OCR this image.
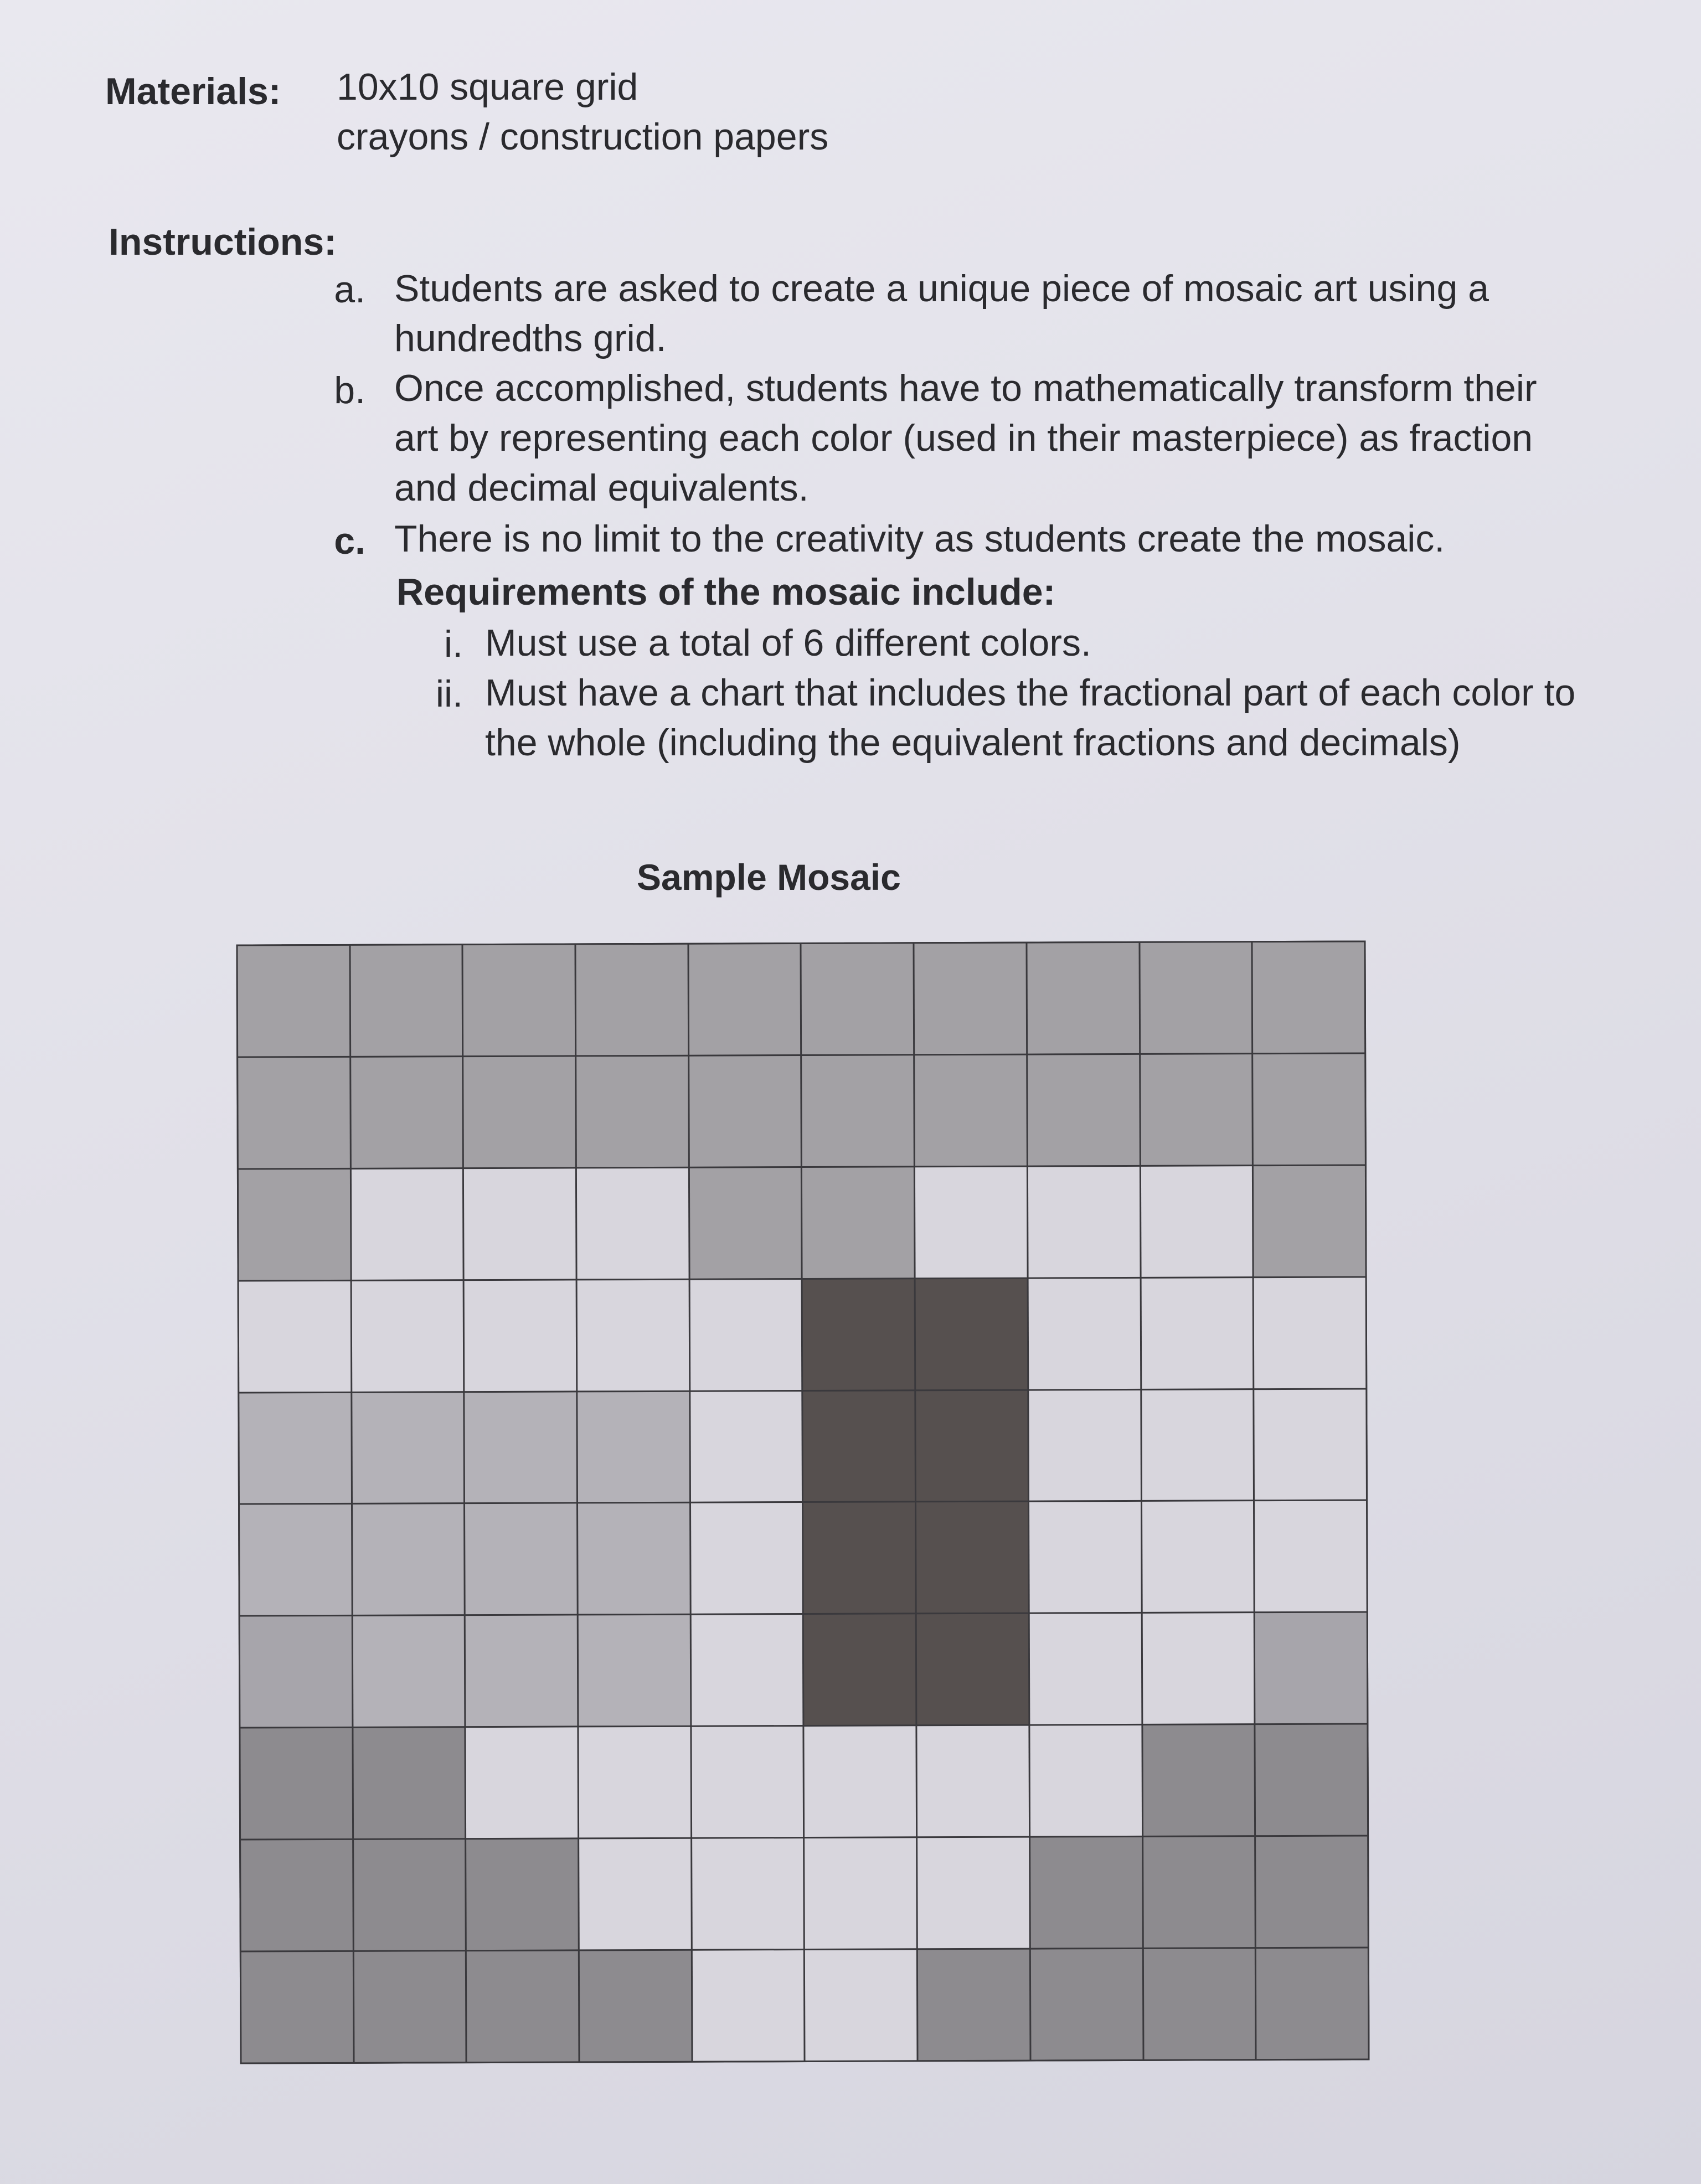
Materials: 10x10 square grid
crayons / construction papers
Instructions:
a. Students are asked to create a unique piece of mosaic art using a hundredths grid.
b. Once accomplished, students have to mathematically transform their art by representing each color (used in their masterpiece) as fraction and decimal equivalents.
c. There is no limit to the creativity as students create the mosaic.
Requirements of the mosaic include:
i. Must use a total of 6 different colors.
ii. Must have a chart that includes the fractional part of each color to the whole (including the equivalent fractions and decimals)
Sample Mosaic
